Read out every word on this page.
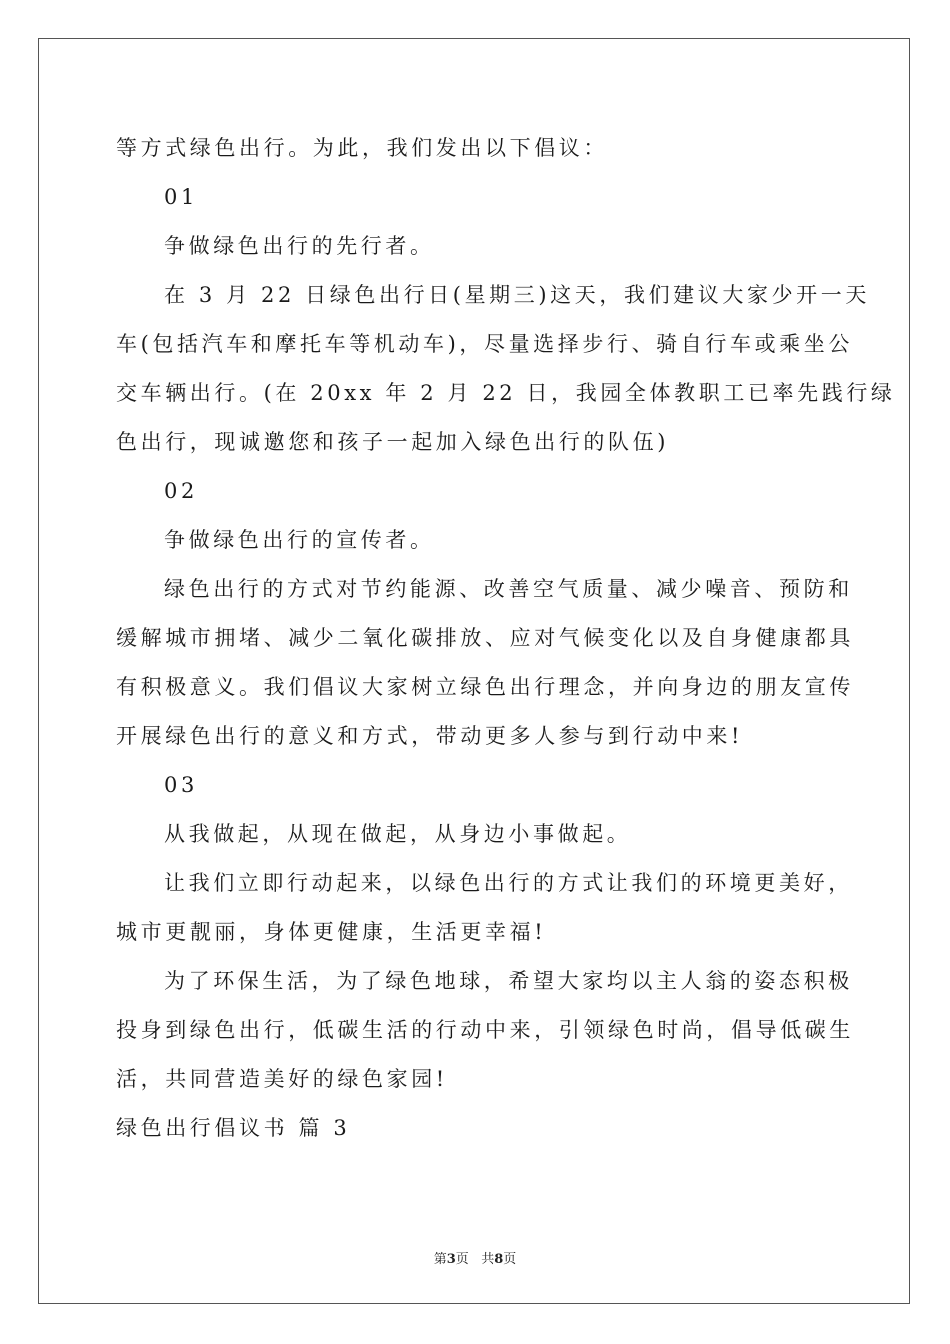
等方式绿色出行。为此，我们发出以下倡议：
01
争做绿色出行的先行者。
在 3 月 22 日绿色出行日(星期三)这天，我们建议大家少开一天
车(包括汽车和摩托车等机动车)，尽量选择步行、骑自行车或乘坐公
交车辆出行。(在 20xx 年 2 月 22 日，我园全体教职工已率先践行绿
色出行，现诚邀您和孩子一起加入绿色出行的队伍)
02
争做绿色出行的宣传者。
绿色出行的方式对节约能源、改善空气质量、减少噪音、预防和
缓解城市拥堵、减少二氧化碳排放、应对气候变化以及自身健康都具
有积极意义。我们倡议大家树立绿色出行理念，并向身边的朋友宣传
开展绿色出行的意义和方式，带动更多人参与到行动中来!
03
从我做起，从现在做起，从身边小事做起。
让我们立即行动起来，以绿色出行的方式让我们的环境更美好，
城市更靓丽，身体更健康，生活更幸福!
为了环保生活，为了绿色地球，希望大家均以主人翁的姿态积极
投身到绿色出行，低碳生活的行动中来，引领绿色时尚，倡导低碳生
活，共同营造美好的绿色家园!
绿色出行倡议书 篇 3
第3页 共8页
